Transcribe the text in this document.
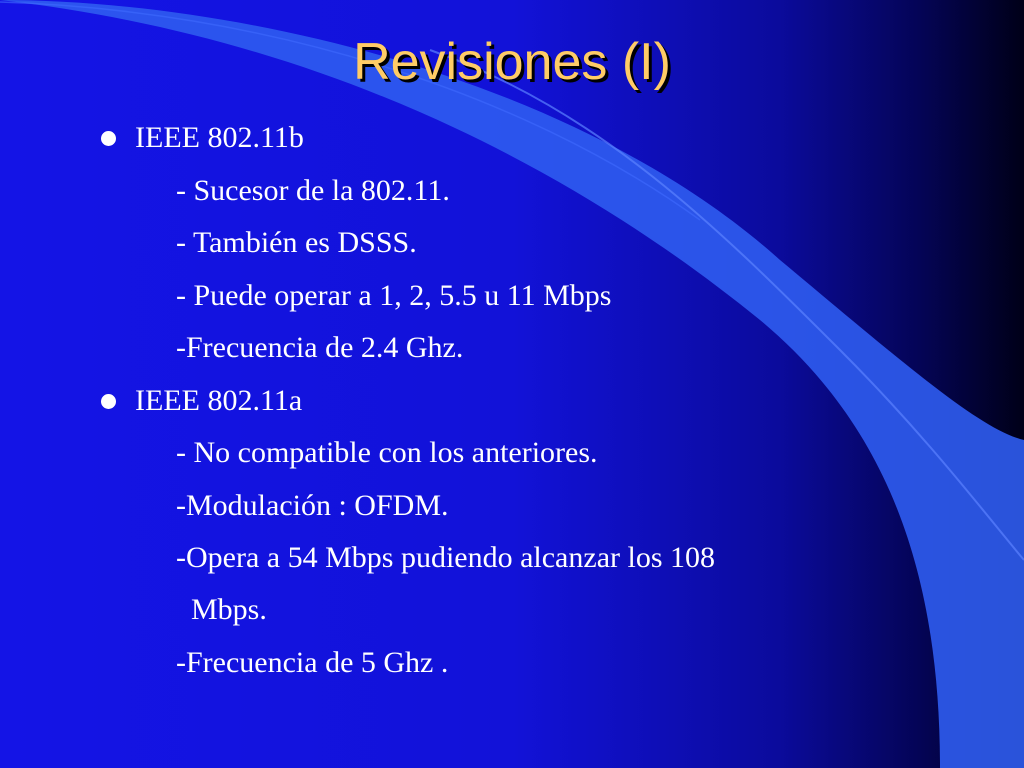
Revisiones (I)

IEEE 802.11b

- Sucesor de la 802.11.

- También es DSSS.

- Puede operar a 1, 2, 5.5 u 11 Mbps

-Frecuencia de 2.4 Ghz.

IEEE 802.11a

- No compatible con los anteriores.

-Modulación : OFDM.

-Opera a 54 Mbps pudiendo alcanzar los 108

Mbps.

-Frecuencia de 5 Ghz .
